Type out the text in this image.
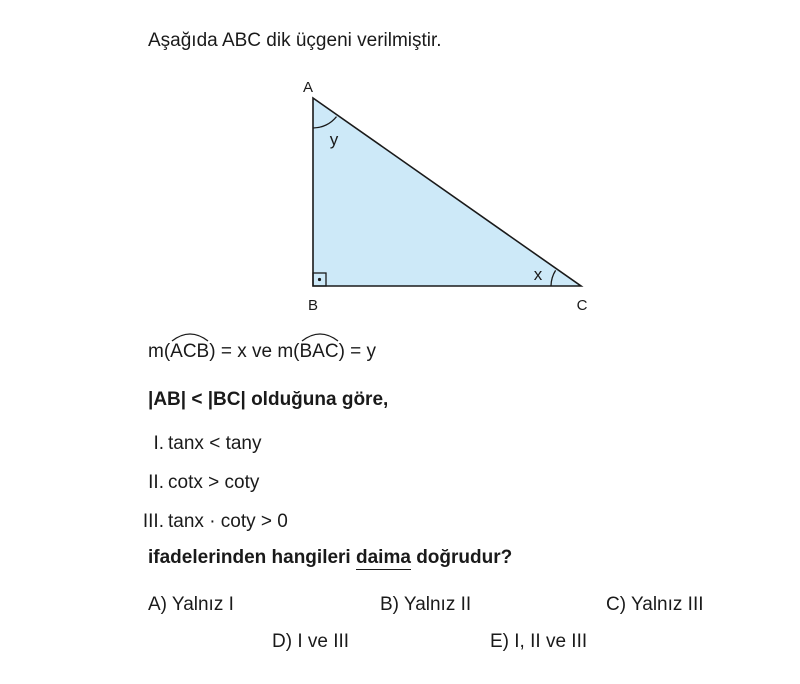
Aşağıda ABC dik üçgeni verilmiştir.
A
B	C
y
x
m(
ACB) = x ve m(
BAC) = y
|AB| < |BC| olduğuna göre,
I. tanx < tany
II. cotx > coty
III. tanx · coty > 0
ifadelerinden hangileri daima doğrudur?
A) Yalnız I	B) Yalnız II	C) Yalnız III
D) I ve III	E) I, II ve III
